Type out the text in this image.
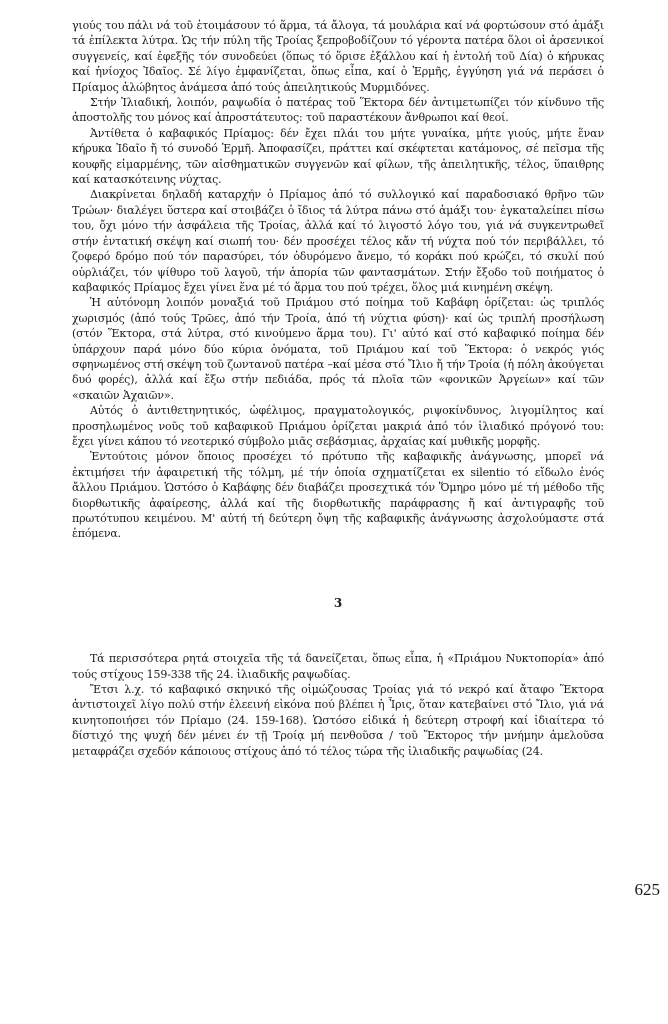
γιούς του πάλι νά τοῦ ἑτοιμάσουν τό ἅρμα, τά ἄλογα, τά μουλάρια καί νά φορτώσουν στό ἁμάξι τά ἐπίλεκτα λύτρα. Ὡς τήν πύλη τῆς Τροίας ξεπροβοδίζουν τό γέροντα πατέρα ὅλοι οἱ ἀρσενικοί συγγενείς, καί ἐφεξῆς τόν συνοδεύει (ὅπως τό ὅρισε ἐξάλλου καί ἡ ἐντολή τοῦ Δία) ὁ κήρυκας καί ἡνίοχος Ἰδαῖος. Σέ λίγο ἐμφανίζεται, ὅπως εἶπα, καί ὁ Ἑρμῆς, ἐγγύηση γιά νά περάσει ὁ Πρίαμος ἀλώβητος ἀνάμεσα ἀπό τούς ἀπειλητικούς Μυρμιδόνες.

Στήν Ἰλιαδική, λοιπόν, ραψωδία ὁ πατέρας τοῦ Ἕκτορα δέν ἀντιμετωπίζει τόν κίνδυνο τῆς ἀποστολῆς του μόνος καί ἀπροστάτευτος: τοῦ παραστέκουν ἄνθρωποι καί θεοί.

Ἀντίθετα ὁ καβαφικός Πρίαμος: δέν ἔχει πλάι του μήτε γυναίκα, μήτε γιούς, μήτε ἕναν κήρυκα Ἰδαῖο ἤ τό συνοδό Ἑρμῆ. Ἀποφασίζει, πράττει καί σκέφτεται κατάμονος, σέ πεῖσμα τῆς κουφῆς εἱμαρμένης, τῶν αἰσθηματικῶν συγγενῶν καί φίλων, τῆς ἀπειλητικῆς, τέλος, ὕπαιθρης καί κατασκότεινης νύχτας.

Διακρίνεται δηλαδή καταρχήν ὁ Πρίαμος ἀπό τό συλλογικό καί παραδοσιακό θρῆνο τῶν Τρώων· διαλέγει ὕστερα καί στοιβάζει ὁ ἴδιος τά λύτρα πάνω στό ἁμάξι του· ἐγκαταλείπει πίσω του, ὄχι μόνο τήν ἀσφάλεια τῆς Τροίας, ἀλλά καί τό λιγοστό λόγο του, γιά νά συγκεντρωθεῖ στήν ἐντατική σκέψη καί σιωπή του· δέν προσέχει τέλος κἄν τή νύχτα πού τόν περιβάλλει, τό ζοφερό δρόμο πού τόν παρασύρει, τόν ὀδυρόμενο ἄνεμο, τό κοράκι πού κρώζει, τό σκυλί πού οὐρλιάζει, τόν ψίθυρο τοῦ λαγοῦ, τήν ἀπορία τῶν φαντασμάτων. Στήν ἔξοδο τοῦ ποιήματος ὁ καβαφικός Πρίαμος ἔχει γίνει ἕνα μέ τό ἅρμα του πού τρέχει, ὅλος μιά κινημένη σκέψη.

Ἡ αὐτόνομη λοιπόν μοναξιά τοῦ Πριάμου στό ποίημα τοῦ Καβάφη ὁρίζεται: ὡς τριπλός χωρισμός (ἀπό τούς Τρῶες, ἀπό τήν Τροία, ἀπό τή νύχτια φύση)· καί ὡς τριπλή προσήλωση (στόν Ἕκτορα, στά λύτρα, στό κινούμενο ἅρμα του). Γι' αὐτό καί στό καβαφικό ποίημα δέν ὑπάρχουν παρά μόνο δύο κύρια ὀνόματα, τοῦ Πριάμου καί τοῦ Ἕκτορα: ὁ νεκρός γιός σφηνωμένος στή σκέψη τοῦ ζωντανοῦ πατέρα –καί μέσα στό Ἴλιο ἤ τήν Τροία (ἡ πόλη ἀκούγεται δυό φορές), ἀλλά καί ἔξω στήν πεδιάδα, πρός τά πλοῖα τῶν «φονικῶν Ἀργείων» καί τῶν «σκαιῶν Ἀχαιῶν».

Αὐτός ὁ ἀντιθετηνητικός, ὠφέλιμος, πραγματολογικός, ριψοκίνδυνος, λιγομίλητος καί προσηλωμένος νοῦς τοῦ καβαφικοῦ Πριάμου ὁρίζεται μακριά ἀπό τόν ἰλιαδικό πρόγονό του: ἔχει γίνει κάπου τό νεοτερικό σύμβολο μιᾶς σεβάσμιας, ἀρχαίας καί μυθικῆς μορφῆς.

Ἐντούτοις μόνον ὅποιος προσέχει τό πρότυπο τῆς καβαφικῆς ἀνάγνωσης, μπορεῖ νά ἐκτιμήσει τήν ἀφαιρετική τῆς τόλμη, μέ τήν ὁποία σχηματίζεται ex silentio τό εἴδωλο ἑνός ἄλλου Πριάμου. Ὡστόσο ὁ Καβάφης δέν διαβάζει προσεχτικά τόν Ὅμηρο μόνο μέ τή μέθοδο τῆς διορθωτικῆς ἀφαίρεσης, ἀλλά καί τῆς διορθωτικῆς παράφρασης ἤ καί ἀντιγραφῆς τοῦ πρωτότυπου κειμένου. Μ' αὐτή τή δεύτερη ὄψη τῆς καβαφικῆς ἀνάγνωσης ἀσχολούμαστε στά ἑπόμενα.

3

Τά περισσότερα ρητά στοιχεῖα τῆς τά δανείζεται, ὅπως εἶπα, ἡ «Πριάμου Νυκτοπορία» ἀπό τούς στίχους 159-338 τῆς 24. ἰλιαδικῆς ραψωδίας.

Ἔτσι λ.χ. τό καβαφικό σκηνικό τῆς οἰμώζουσας Τροίας γιά τό νεκρό καί ἄταφο Ἕκτορα ἀντιστοιχεῖ λίγο πολύ στήν ἐλεεινή εἰκόνα πού βλέπει ἡ Ἶρις, ὅταν κατεβαίνει στό Ἴλιο, γιά νά κινητοποιήσει τόν Πρίαμο (24. 159-168). Ὡστόσο εἰδικά ἡ δεύτερη στροφή καί ἰδιαίτερα τό δίστιχό της ψυχή δέν μένει έν τῇ Τροίᾳ μή πενθοῦσα / τοῦ Ἕκτορος τήν μνήμην ἀμελοῦσα μεταφράζει σχεδόν κάποιους στίχους ἀπό τό τέλος τώρα τῆς ἰλιαδικῆς ραψωδίας (24.

625
